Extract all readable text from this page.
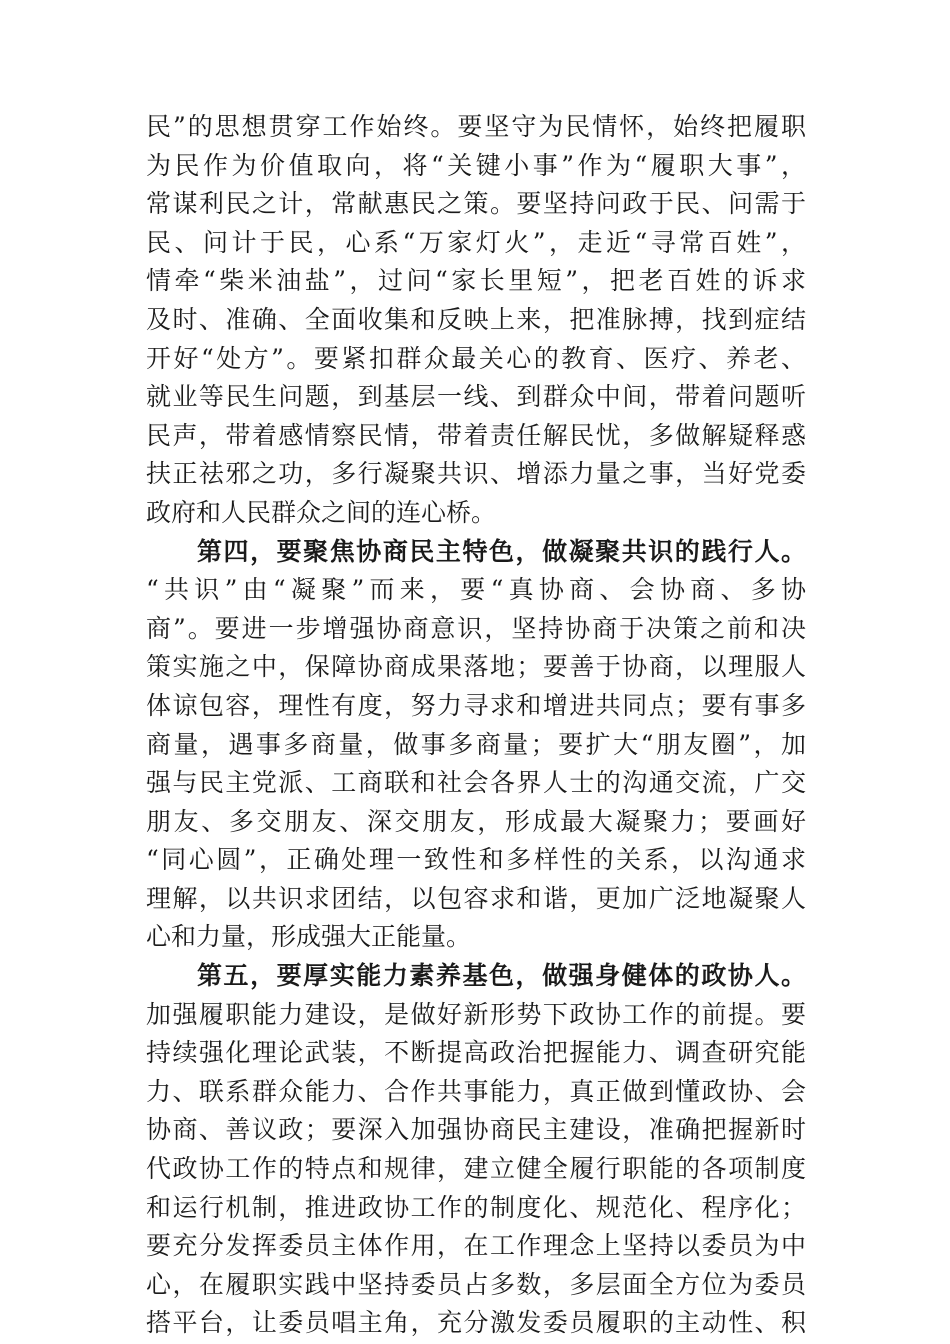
民”的思想贯穿工作始终。要坚守为民情怀，始终把履职
为民作为价值取向，将“关键小事”作为“履职大事”，
常谋利民之计，常献惠民之策。要坚持问政于民、问需于
民、问计于民，心系“万家灯火”，走近“寻常百姓”，
情牵“柴米油盐”，过问“家长里短”，把老百姓的诉求
及时、准确、全面收集和反映上来，把准脉搏，找到症结
开好“处方”。要紧扣群众最关心的教育、医疗、养老、
就业等民生问题，到基层一线、到群众中间，带着问题听
民声，带着感情察民情，带着责任解民忧，多做解疑释惑
扶正祛邪之功，多行凝聚共识、增添力量之事，当好党委
政府和人民群众之间的连心桥。
第四，要聚焦协商民主特色，做凝聚共识的践行人。
“共识”由“凝聚”而来，要“真协商、会协商、多协
商”。要进一步增强协商意识，坚持协商于决策之前和决
策实施之中，保障协商成果落地；要善于协商，以理服人
体谅包容，理性有度，努力寻求和增进共同点；要有事多
商量，遇事多商量，做事多商量；要扩大“朋友圈”，加
强与民主党派、工商联和社会各界人士的沟通交流，广交
朋友、多交朋友、深交朋友，形成最大凝聚力；要画好
“同心圆”，正确处理一致性和多样性的关系，以沟通求
理解，以共识求团结，以包容求和谐，更加广泛地凝聚人
心和力量，形成强大正能量。
第五，要厚实能力素养基色，做强身健体的政协人。
加强履职能力建设，是做好新形势下政协工作的前提。要
持续强化理论武装，不断提高政治把握能力、调查研究能
力、联系群众能力、合作共事能力，真正做到懂政协、会
协商、善议政；要深入加强协商民主建设，准确把握新时
代政协工作的特点和规律，建立健全履行职能的各项制度
和运行机制，推进政协工作的制度化、规范化、程序化；
要充分发挥委员主体作用，在工作理念上坚持以委员为中
心，在履职实践中坚持委员占多数，多层面全方位为委员
搭平台，让委员唱主角，充分激发委员履职的主动性、积
